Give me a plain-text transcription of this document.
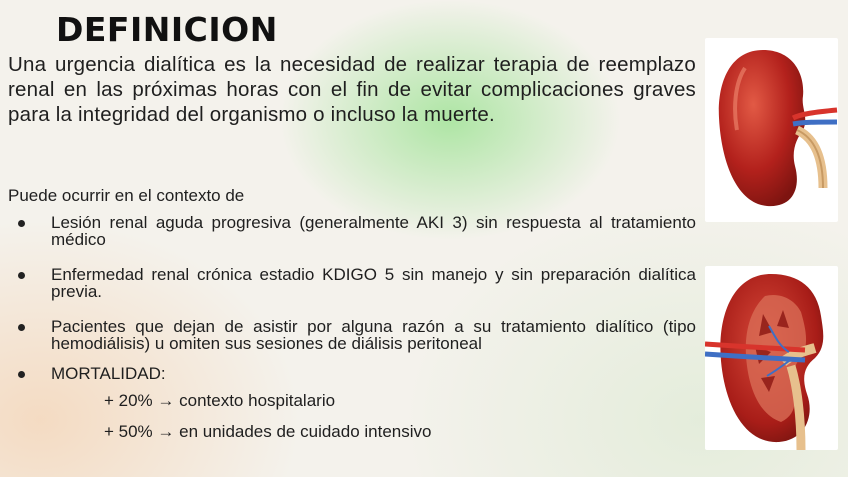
DEFINICION
Una urgencia dialítica es la necesidad de realizar terapia de reemplazo renal en las próximas horas con el fin de evitar complicaciones graves para la integridad del organismo o incluso la muerte.
Puede ocurrir en el contexto de
Lesión renal aguda progresiva (generalmente AKI 3) sin respuesta al tratamiento médico
Enfermedad renal crónica estadio KDIGO 5 sin manejo y sin preparación dialítica previa.
Pacientes que dejan de asistir por alguna razón a su tratamiento dialítico (tipo hemodiálisis) u omiten sus sesiones de diálisis peritoneal
MORTALIDAD:
+ 20% → contexto hospitalario
+ 50% → en unidades de cuidado intensivo
